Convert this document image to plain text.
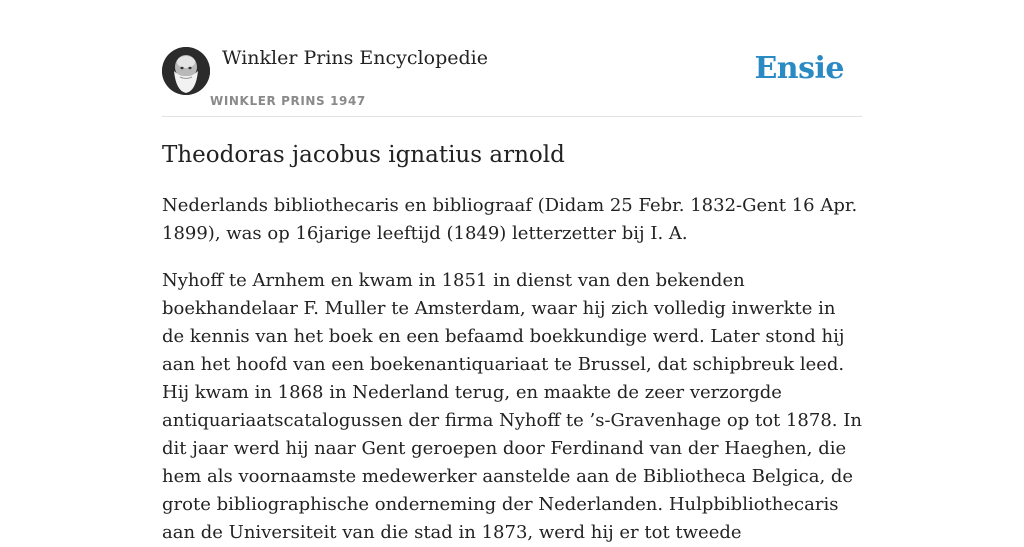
Winkler Prins Encyclopedie
WINKLER PRINS 1947
Ensie
Theodoras jacobus ignatius arnold

Nederlands bibliothecaris en bibliograaf (Didam 25 Febr. 1832-Gent 16 Apr. 1899), was op 16jarige leeftijd (1849) letterzetter bij I. A.

Nyhoff te Arnhem en kwam in 1851 in dienst van den bekenden boekhandelaar F. Muller te Amsterdam, waar hij zich volledig inwerkte in de kennis van het boek en een befaamd boekkundige werd. Later stond hij aan het hoofd van een boekenantiquariaat te Brussel, dat schipbreuk leed. Hij kwam in 1868 in Nederland terug, en maakte de zeer verzorgde antiquariaatscatalogussen der firma Nyhoff te ’s-Gravenhage op tot 1878. In dit jaar werd hij naar Gent geroepen door Ferdinand van der Haeghen, die hem als voornaamste medewerker aanstelde aan de Bibliotheca Belgica, de grote bibliographische onderneming der Nederlanden. Hulpbibliothecaris aan de Universiteit van die stad in 1873, werd hij er tot tweede
